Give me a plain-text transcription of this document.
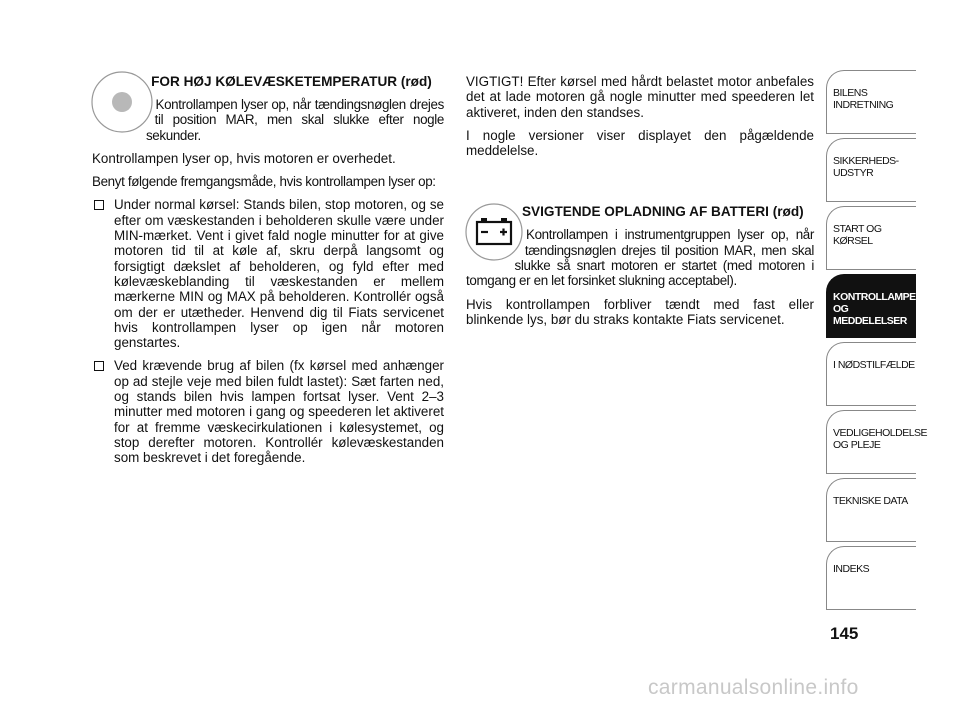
FOR HØJ KØLEVÆSKETEMPERATUR (rød)

Kontrollampen lyser op, når tændingsnøglen drejes til position MAR, men skal slukke efter nogle sekunder.

Kontrollampen lyser op, hvis motoren er overhedet.

Benyt følgende fremgangsmåde, hvis kontrollampen lyser op:

Under normal kørsel: Stands bilen, stop motoren, og se efter om væskestanden i beholderen skulle være under MIN-mærket. Vent i givet fald nogle minutter for at give motoren tid til at køle af, skru derpå langsomt og forsigtigt dækslet af beholderen, og fyld efter med kølevæskeblanding til væskestanden er mellem mærkerne MIN og MAX på beholderen. Kontrollér også om der er utætheder. Henvend dig til Fiats servicenet hvis kontrollampen lyser op igen når motoren genstartes.
Ved krævende brug af bilen (fx kørsel med anhænger op ad stejle veje med bilen fuldt lastet): Sæt farten ned, og stands bilen hvis lampen fortsat lyser. Vent 2–3 minutter med motoren i gang og speederen let aktiveret for at fremme væskecirkulationen i kølesystemet, og stop derefter motoren. Kontrollér kølevæskestanden som beskrevet i det foregående.

VIGTIGT! Efter kørsel med hårdt belastet motor anbefales det at lade motoren gå nogle minutter med speederen let aktiveret, inden den standses.

I nogle versioner viser displayet den pågældende meddelelse.

SVIGTENDE OPLADNING AF BATTERI (rød)

Kontrollampen i instrumentgruppen lyser op, når tændingsnøglen drejes til position MAR, men skal slukke så snart motoren er startet (med motoren i tomgang er en let forsinket slukning acceptabel).

Hvis kontrollampen forbliver tændt med fast eller blinkende lys, bør du straks kontakte Fiats servicenet.

BILENS INDRETNING
SIKKERHEDS- UDSTYR
START OG KØRSEL
KONTROLLAMPER OG MEDDELELSER
I NØDSTILFÆLDE
VEDLIGEHOLDELSE OG PLEJE
TEKNISKE DATA
INDEKS
145
carmanualsonline.info
